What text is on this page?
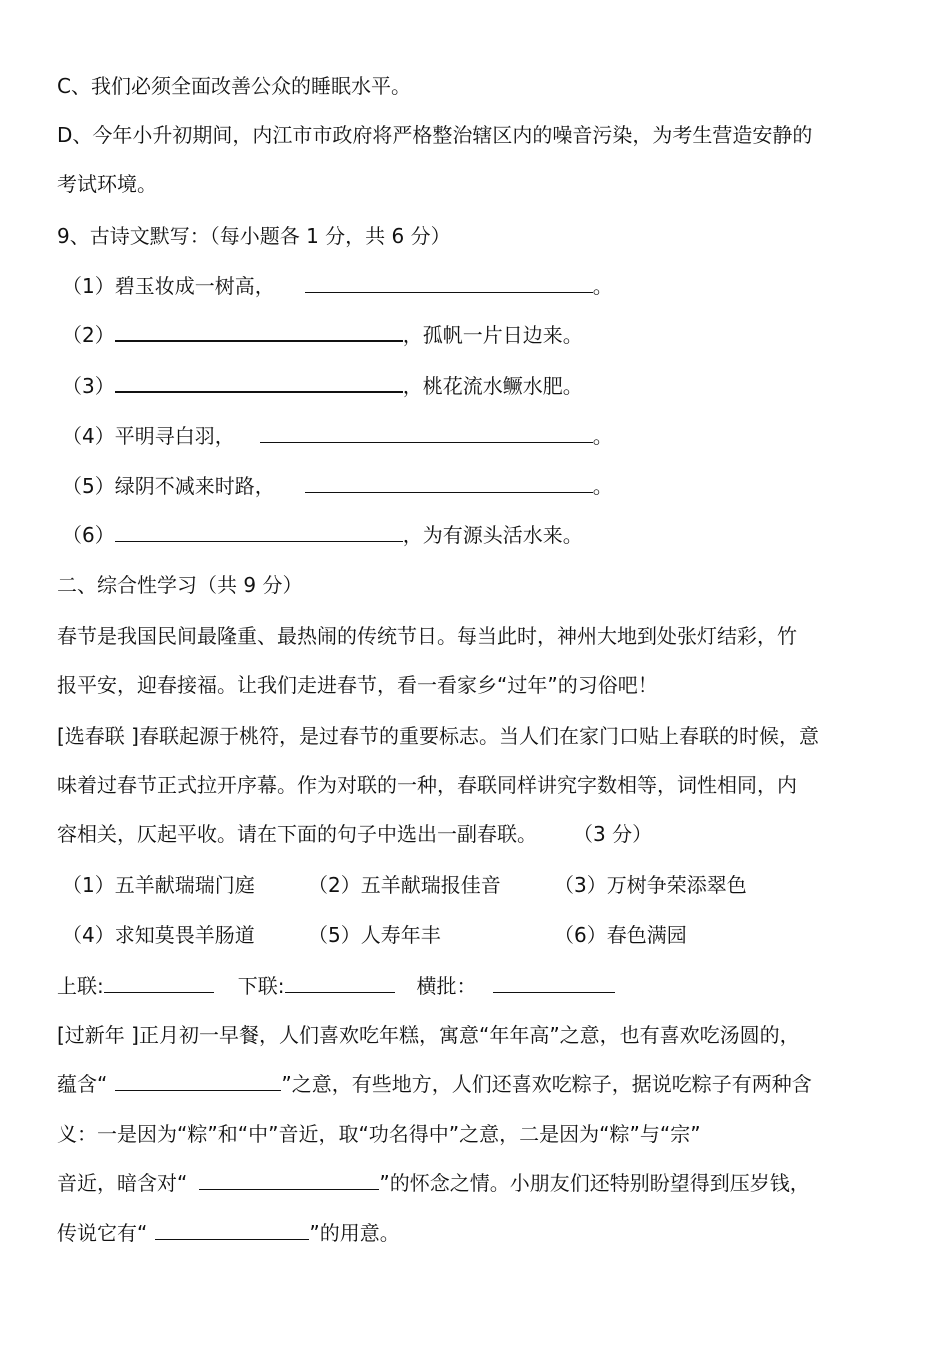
C、我们必须全面改善公众的睡眠水平。
D、今年小升初期间，内江市市政府将严格整治辖区内的噪音污染，为考生营造安静的
考试环境。
9、古诗文默写：（每小题各 1 分，共 6 分）
（1）碧玉妆成一树高，	。
（2）	，孤帆一片日边来。
（3）	，桃花流水鳜水肥。
（4）平明寻白羽，	。
（5）绿阴不减来时路，	。
（6）	，为有源头活水来。
二、综合性学习（共 9 分）
春节是我国民间最隆重、最热闹的传统节日。每当此时，神州大地到处张灯结彩，竹
报平安，迎春接福。让我们走进春节，看一看家乡“过年”的习俗吧！
[选春联 ]春联起源于桃符，是过春节的重要标志。当人们在家门口贴上春联的时候，意
味着过春节正式拉开序幕。作为对联的一种，春联同样讲究字数相等，词性相同，内
容相关，仄起平收。请在下面的句子中选出一副春联。 （3 分）
（1）五羊献瑞瑞门庭	（2）五羊献瑞报佳音	（3）万树争荣添翠色
（4）求知莫畏羊肠道	（5）人寿年丰	（6）春色满园
上联:	下联:	横批：
[过新年 ]正月初一早餐，人们喜欢吃年糕，寓意“年年高”之意，也有喜欢吃汤圆的，
蕴含“	”之意，有些地方，人们还喜欢吃粽子，据说吃粽子有两种含
义：一是因为“粽”和“中”音近，取“功名得中”之意，二是因为“粽”与“宗”
音近，暗含对“	”的怀念之情。小朋友们还特别盼望得到压岁钱，
传说它有“	”的用意。
